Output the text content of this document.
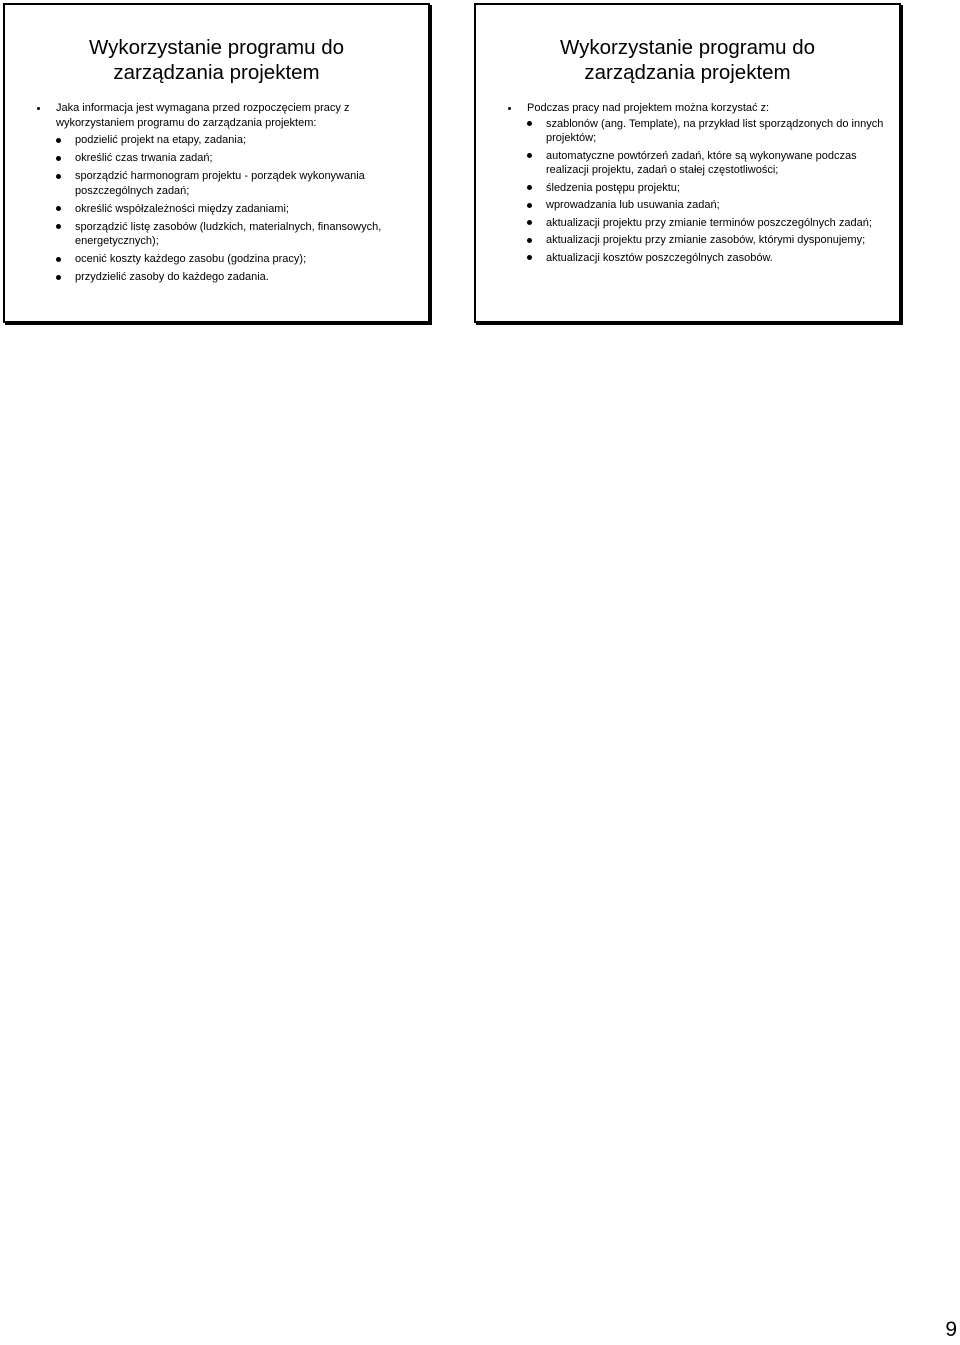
Wykorzystanie programu do
zarządzania projektem
Jaka informacja jest wymagana przed rozpoczęciem pracy z wykorzystaniem programu do zarządzania projektem:
podzielić projekt na etapy, zadania;
określić czas trwania zadań;
sporządzić harmonogram projektu - porządek wykonywania poszczególnych zadań;
określić współzależności między zadaniami;
sporządzić listę zasobów (ludzkich, materialnych, finansowych, energetycznych);
ocenić koszty każdego zasobu (godzina pracy);
przydzielić zasoby do każdego zadania.
Wykorzystanie programu do
zarządzania projektem
Podczas pracy nad projektem można korzystać z:
szablonów (ang. Template), na przykład list sporządzonych do innych projektów;
automatyczne powtórzeń zadań, które są wykonywane podczas realizacji projektu, zadań o stałej częstotliwości;
śledzenia postępu projektu;
wprowadzania lub usuwania zadań;
aktualizacji projektu przy zmianie terminów poszczególnych zadań;
aktualizacji projektu przy zmianie zasobów, którymi dysponujemy;
aktualizacji kosztów poszczególnych zasobów.
9
